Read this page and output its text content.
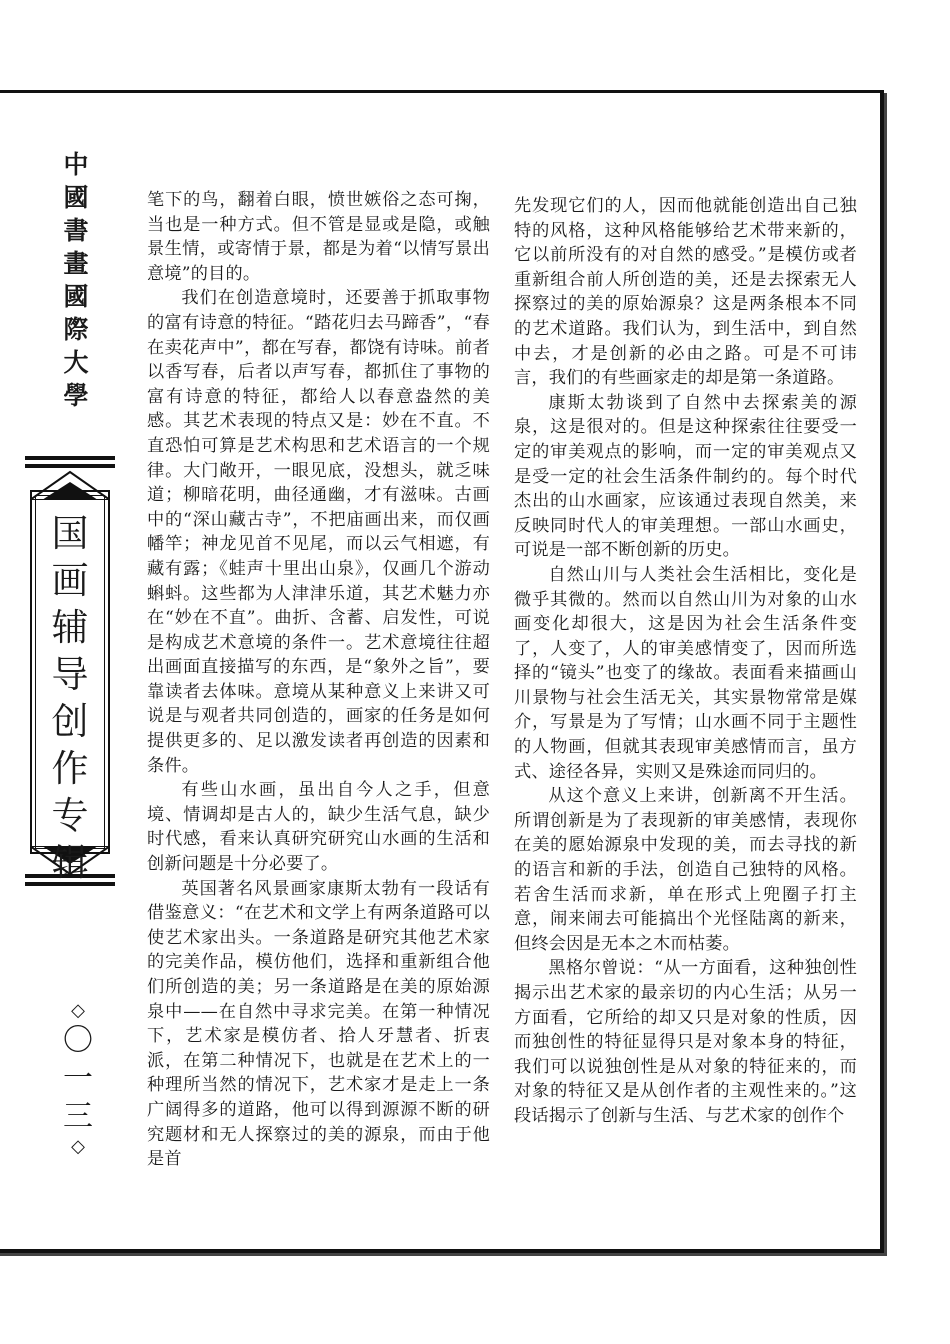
中
國
書
畫
國
際
大
學
国
画
辅
导
创
作
专
辑
◇
〇
一
三
◇

笔下的鸟，翻着白眼，愤世嫉俗之态可掬，当也是一种方式。但不管是显或是隐，或触景生情，或寄情于景，都是为着“以情写景出意境”的目的。

我们在创造意境时，还要善于抓取事物的富有诗意的特征。“踏花归去马蹄香”，“春在卖花声中”，都在写春，都饶有诗味。前者以香写春，后者以声写春，都抓住了事物的富有诗意的特征，都给人以春意盎然的美感。其艺术表现的特点又是：妙在不直。不直恐怕可算是艺术构思和艺术语言的一个规律。大门敞开，一眼见底，没想头，就乏味道；柳暗花明，曲径通幽，才有滋味。古画中的“深山藏古寺”，不把庙画出来，而仅画幡竿；神龙见首不见尾，而以云气相遮，有藏有露；《蛙声十里出山泉》，仅画几个游动蝌蚪。这些都为人津津乐道，其艺术魅力亦在“妙在不直”。曲折、含蓄、启发性，可说是构成艺术意境的条件一。艺术意境往往超出画面直接描写的东西，是“象外之旨”，要靠读者去体味。意境从某种意义上来讲又可说是与观者共同创造的，画家的任务是如何提供更多的、足以激发读者再创造的因素和条件。

有些山水画，虽出自今人之手，但意境、情调却是古人的，缺少生活气息，缺少时代感，看来认真研究研究山水画的生活和创新问题是十分必要了。

英国著名风景画家康斯太勃有一段话有借鉴意义：“在艺术和文学上有两条道路可以使艺术家出头。一条道路是研究其他艺术家的完美作品，模仿他们，选择和重新组合他们所创造的美；另一条道路是在美的原始源泉中——在自然中寻求完美。在第一种情况下，艺术家是模仿者、拾人牙慧者、折衷派，在第二种情况下，也就是在艺术上的一种理所当然的情况下，艺术家才是走上一条广阔得多的道路，他可以得到源源不断的研究题材和无人探察过的美的源泉，而由于他是首

先发现它们的人，因而他就能创造出自己独特的风格，这种风格能够给艺术带来新的，它以前所没有的对自然的感受。”是模仿或者重新组合前人所创造的美，还是去探索无人探察过的美的原始源泉？这是两条根本不同的艺术道路。我们认为，到生活中，到自然中去，才是创新的必由之路。可是不可讳言，我们的有些画家走的却是第一条道路。

康斯太勃谈到了自然中去探索美的源泉，这是很对的。但是这种探索往往要受一定的审美观点的影响，而一定的审美观点又是受一定的社会生活条件制约的。每个时代杰出的山水画家，应该通过表现自然美，来反映同时代人的审美理想。一部山水画史，可说是一部不断创新的历史。

自然山川与人类社会生活相比，变化是微乎其微的。然而以自然山川为对象的山水画变化却很大，这是因为社会生活条件变了，人变了，人的审美感情变了，因而所选择的“镜头”也变了的缘故。表面看来描画山川景物与社会生活无关，其实景物常常是媒介，写景是为了写情；山水画不同于主题性的人物画，但就其表现审美感情而言，虽方式、途径各异，实则又是殊途而同归的。

从这个意义上来讲，创新离不开生活。所谓创新是为了表现新的审美感情，表现你在美的愿始源泉中发现的美，而去寻找的新的语言和新的手法，创造自己独特的风格。若舍生活而求新，单在形式上兜圈子打主意，闹来闹去可能搞出个光怪陆离的新来，但终会因是无本之木而枯萎。

黑格尔曾说：“从一方面看，这种独创性揭示出艺术家的最亲切的内心生活；从另一方面看，它所给的却又只是对象的性质，因而独创性的特征显得只是对象本身的特征，我们可以说独创性是从对象的特征来的，而对象的特征又是从创作者的主观性来的。”这段话揭示了创新与生活、与艺术家的创作个
